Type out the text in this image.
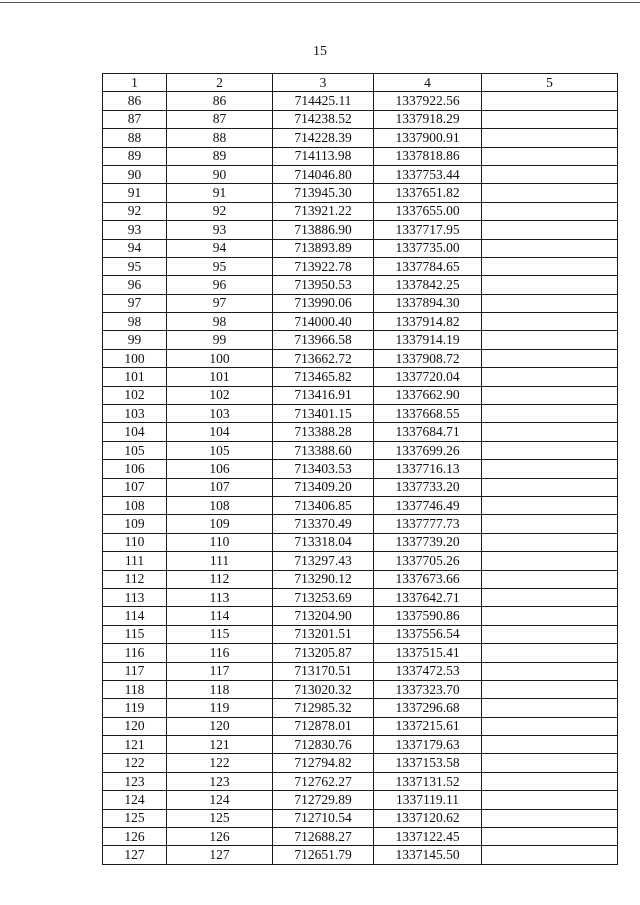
15
1	2	3	4	5
86	86	714425.11	1337922.56	
87	87	714238.52	1337918.29	
88	88	714228.39	1337900.91	
89	89	714113.98	1337818.86	
90	90	714046.80	1337753.44	
91	91	713945.30	1337651.82	
92	92	713921.22	1337655.00	
93	93	713886.90	1337717.95	
94	94	713893.89	1337735.00	
95	95	713922.78	1337784.65	
96	96	713950.53	1337842.25	
97	97	713990.06	1337894.30	
98	98	714000.40	1337914.82	
99	99	713966.58	1337914.19	
100	100	713662.72	1337908.72	
101	101	713465.82	1337720.04	
102	102	713416.91	1337662.90	
103	103	713401.15	1337668.55	
104	104	713388.28	1337684.71	
105	105	713388.60	1337699.26	
106	106	713403.53	1337716.13	
107	107	713409.20	1337733.20	
108	108	713406.85	1337746.49	
109	109	713370.49	1337777.73	
110	110	713318.04	1337739.20	
111	111	713297.43	1337705.26	
112	112	713290.12	1337673.66	
113	113	713253.69	1337642.71	
114	114	713204.90	1337590.86	
115	115	713201.51	1337556.54	
116	116	713205.87	1337515.41	
117	117	713170.51	1337472.53	
118	118	713020.32	1337323.70	
119	119	712985.32	1337296.68	
120	120	712878.01	1337215.61	
121	121	712830.76	1337179.63	
122	122	712794.82	1337153.58	
123	123	712762.27	1337131.52	
124	124	712729.89	1337119.11	
125	125	712710.54	1337120.62	
126	126	712688.27	1337122.45	
127	127	712651.79	1337145.50	
